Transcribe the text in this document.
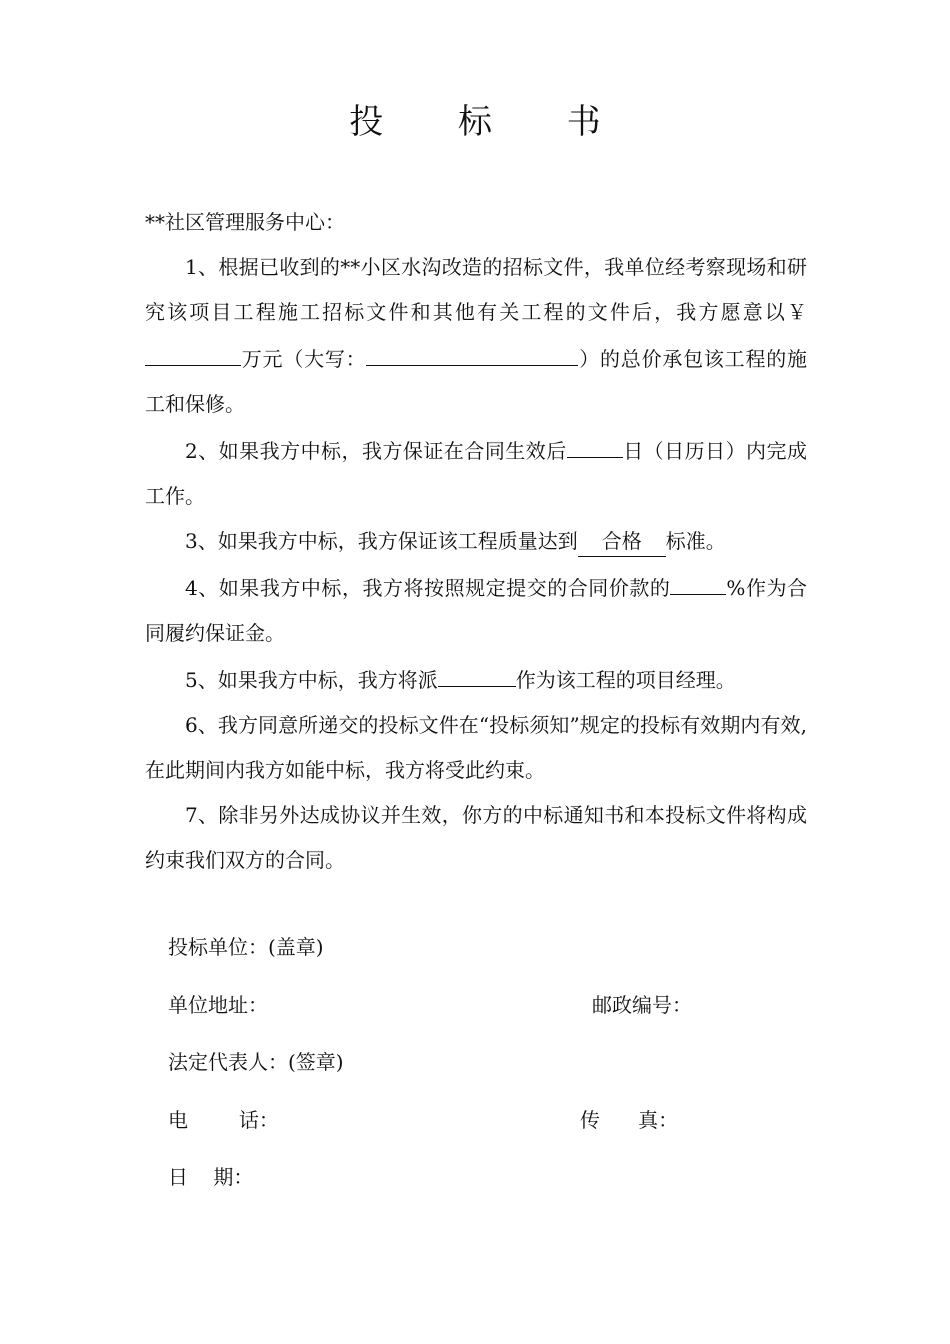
投 标 书

**社区管理服务中心：

1、根据已收到的**小区水沟改造的招标文件，我单位经考察现场和研究该项目工程施工招标文件和其他有关工程的文件后，我方愿意以￥万元（大写：	）的总价承包该工程的施工和保修。

2、如果我方中标，我方保证在合同生效后	日（日历日）内完成工作。

3、如果我方中标，我方保证该工程质量达到 合格 标准。

4、如果我方中标，我方将按照规定提交的合同价款的	%作为合同履约保证金。

5、如果我方中标，我方将派	作为该工程的项目经理。

6、我方同意所递交的投标文件在“投标须知”规定的投标有效期内有效,在此期间内我方如能中标，我方将受此约束。

7、除非另外达成协议并生效，你方的中标通知书和本投标文件将构成约束我们双方的合同。

投标单位：(盖章)
单位地址：	邮政编号：
法定代表人：(签章)
电        话：	传      真：
日    期：
